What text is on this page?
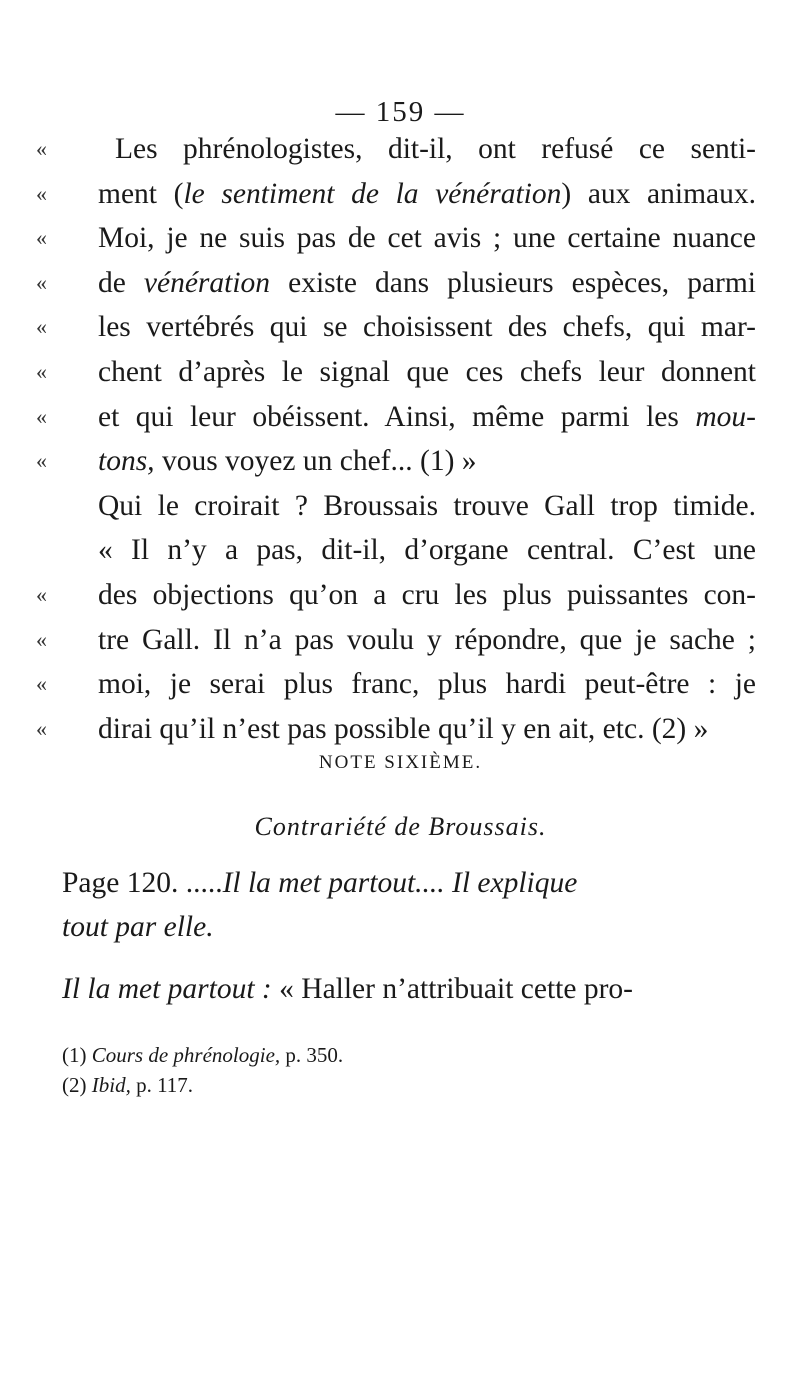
— 159 —
«	Les phrénologistes, dit-il, ont refusé ce senti-
«	ment (le sentiment de la vénération) aux animaux.
«	Moi, je ne suis pas de cet avis ; une certaine nuance
«	de vénération existe dans plusieurs espèces, parmi
«	les vertébrés qui se choisissent des chefs, qui mar-
«	chent d’après le signal que ces chefs leur donnent
«	et qui leur obéissent. Ainsi, même parmi les mou-
«	tons, vous voyez un chef... (1) »
Qui le croirait ? Broussais trouve Gall trop timide.
« Il n’y a pas, dit-il, d’organe central. C’est une
«	des objections qu’on a cru les plus puissantes con-
«	tre Gall. Il n’a pas voulu y répondre, que je sache ;
«	moi, je serai plus franc, plus hardi peut-être : je
«	dirai qu’il n’est pas possible qu’il y en ait, etc. (2) »
NOTE SIXIÈME.
Contrariété de Broussais.
Page 120. .....Il la met partout.... Il explique
tout par elle.
Il la met partout : « Haller n’attribuait cette pro-
(1) Cours de phrénologie, p. 350.
(2) Ibid, p. 117.
